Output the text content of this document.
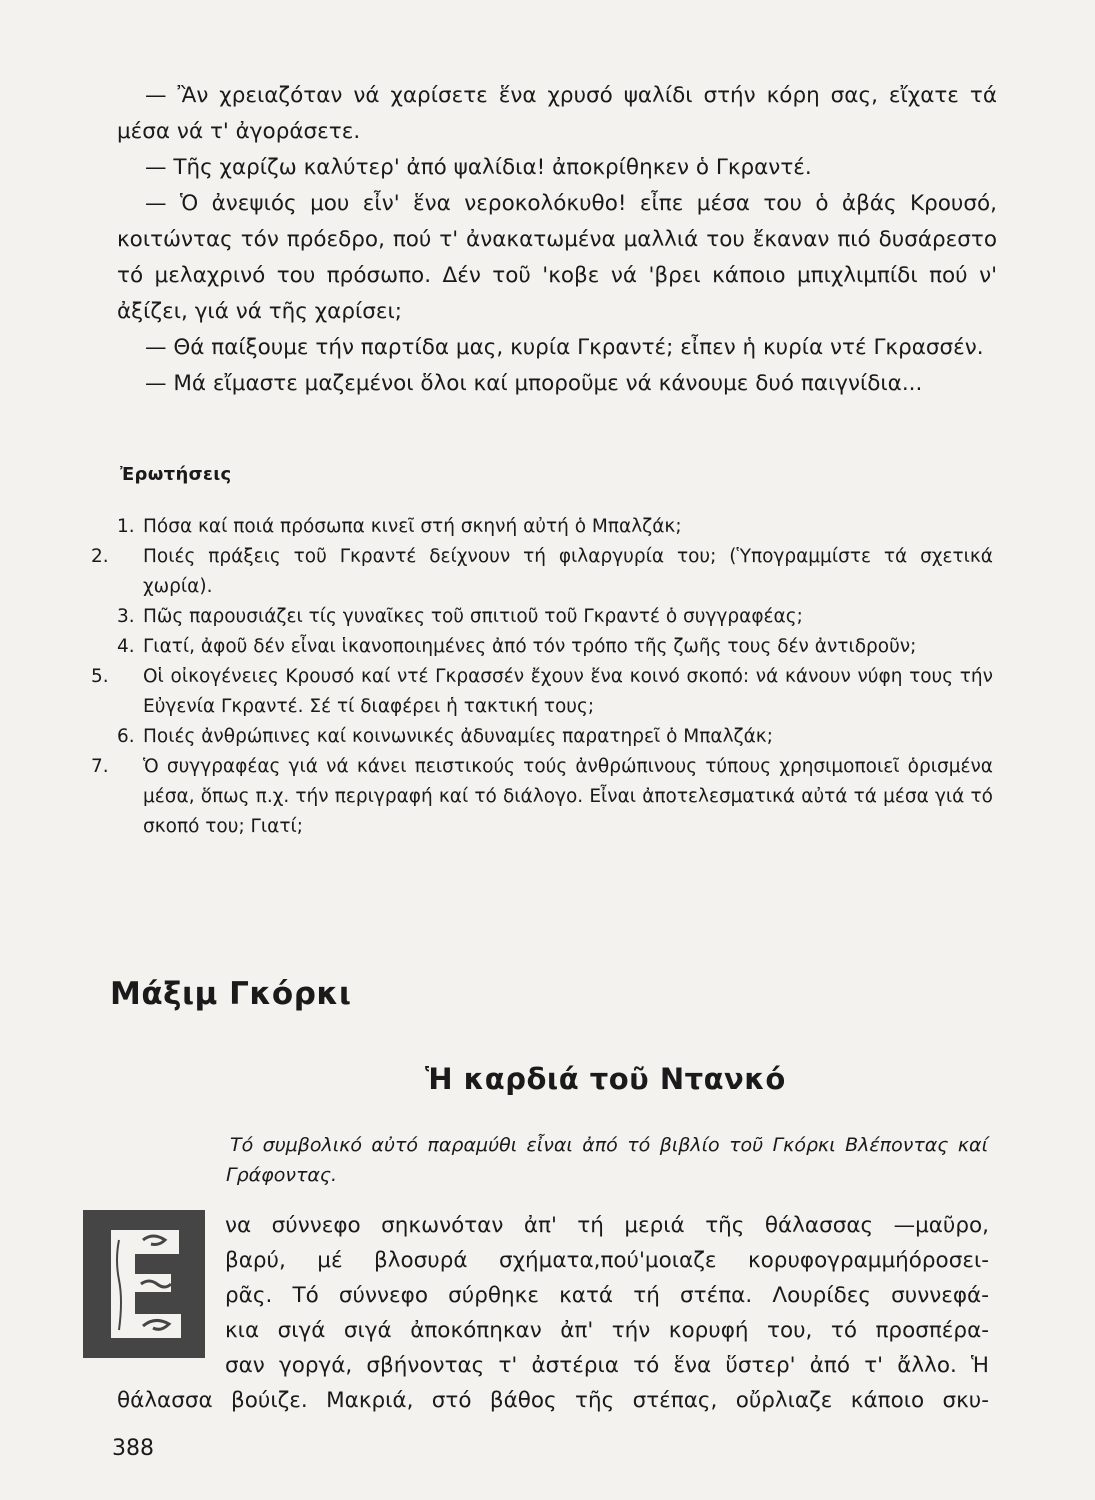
— Ἂν χρειαζόταν νά χαρίσετε ἕνα χρυσό ψαλίδι στήν κόρη σας, εἴχατε τά μέσα νά τ' ἀγοράσετε.

— Τῆς χαρίζω καλύτερ' ἀπό ψαλίδια! ἀποκρίθηκεν ὁ Γκραντέ.

— Ὁ ἀνεψιός μου εἶν' ἕνα νεροκολόκυθο! εἶπε μέσα του ὁ ἀβάς Κρουσό, κοιτώντας τόν πρόεδρο, πού τ' ἀνακατωμένα μαλλιά του ἔκαναν πιό δυσάρεστο τό μελαχρινό του πρόσωπο. Δέν τοῦ 'κοβε νά 'βρει κάποιο μπιχλιμπίδι πού ν' ἀξίζει, γιά νά τῆς χαρίσει;

— Θά παίξουμε τήν παρτίδα μας, κυρία Γκραντέ; εἶπεν ἡ κυρία ντέ Γκρασσέν.

— Μά εἴμαστε μαζεμένοι ὅλοι καί μποροῦμε νά κάνουμε δυό παιγνίδια...

Ἐρωτήσεις
1. Πόσα καί ποιά πρόσωπα κινεῖ στή σκηνή αὐτή ὁ Μπαλζάκ;
2. Ποιές πράξεις τοῦ Γκραντέ δείχνουν τή φιλαργυρία του; (Ὑπογραμμίστε τά σχετικά χωρία).
3. Πῶς παρουσιάζει τίς γυναῖκες τοῦ σπιτιοῦ τοῦ Γκραντέ ὁ συγγραφέας;
4. Γιατί, ἀφοῦ δέν εἶναι ἱκανοποιημένες ἀπό τόν τρόπο τῆς ζωῆς τους δέν ἀντιδροῦν;
5. Οἱ οἰκογένειες Κρουσό καί ντέ Γκρασσέν ἔχουν ἕνα κοινό σκοπό: νά κάνουν νύφη τους τήν Εὐγενία Γκραντέ. Σέ τί διαφέρει ἡ τακτική τους;
6. Ποιές ἀνθρώπινες καί κοινωνικές ἀδυναμίες παρατηρεῖ ὁ Μπαλζάκ;
7. Ὁ συγγραφέας γιά νά κάνει πειστικούς τούς ἀνθρώπινους τύπους χρησιμοποιεῖ ὁρισμένα μέσα, ὅπως π.χ. τήν περιγραφή καί τό διάλογο. Εἶναι ἀποτελεσματικά αὐτά τά μέσα γιά τό σκοπό του; Γιατί;
Μάξιμ Γκόρκι
Ἡ καρδιά τοῦ Ντανκό
Τό συμβολικό αὐτό παραμύθι εἶναι ἀπό τό βιβλίο τοῦ Γκόρκι Βλέποντας καί Γράφοντας.
να σύννεφο σηκωνόταν ἀπ' τή μεριά τῆς θάλασσας —μαῦρο,
βαρύ, μέ βλοσυρά σχήματα,πού'μοιαζε κορυφογραμμήόροσει-
ρᾶς. Τό σύννεφο σύρθηκε κατά τή στέπα. Λουρίδες συννεφά-
κια σιγά σιγά ἀποκόπηκαν ἀπ' τήν κορυφή του, τό προσπέρα-
σαν γοργά, σβήνοντας τ' ἀστέρια τό ἕνα ὕστερ' ἀπό τ' ἄλλο. Ἡ
θάλασσα βούιζε. Μακριά, στό βάθος τῆς στέπας, οὔρλιαζε κάποιο σκυ-
388
